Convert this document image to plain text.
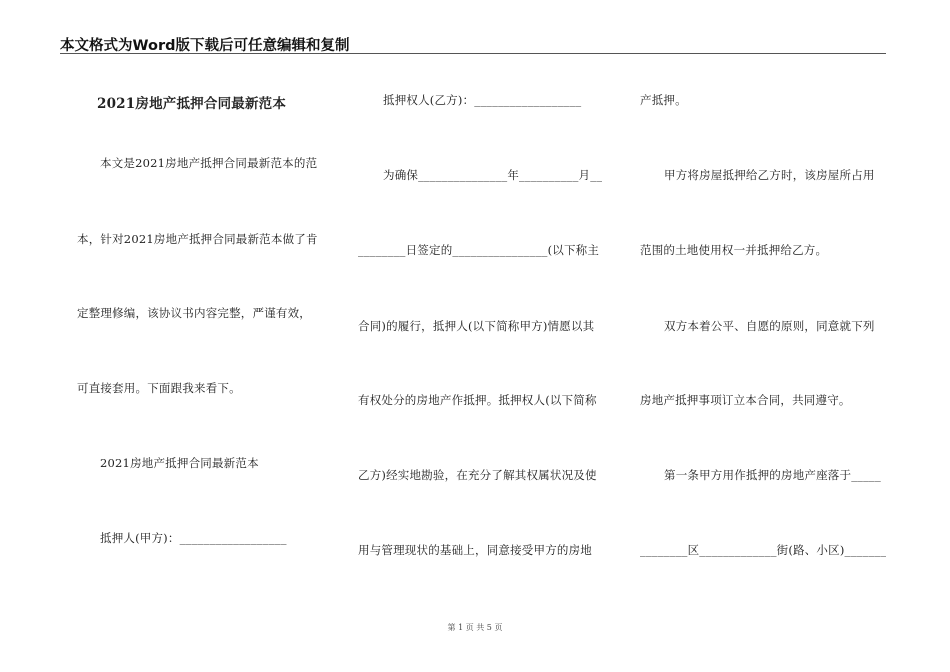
本文格式为Word版下载后可任意编辑和复制
2021房地产抵押合同最新范本
本文是2021房地产抵押合同最新范本的范
本，针对2021房地产抵押合同最新范本做了肯
定整理修编，该协议书内容完整，严谨有效，
可直接套用。下面跟我来看下。
2021房地产抵押合同最新范本
抵押人(甲方)：__________________
抵押权人(乙方)：__________________
为确保_______________年__________月__
________日签定的________________(以下称主
合同)的履行，抵押人(以下简称甲方)情愿以其
有权处分的房地产作抵押。抵押权人(以下简称
乙方)经实地勘验，在充分了解其权属状况及使
用与管理现状的基础上，同意接受甲方的房地
产抵押。
甲方将房屋抵押给乙方时，该房屋所占用
范围的土地使用权一并抵押给乙方。
双方本着公平、自愿的原则，同意就下列
房地产抵押事项订立本合同，共同遵守。
第一条甲方用作抵押的房地产座落于_____
________区_____________街(路、小区)_______
第 1 页 共 5 页
